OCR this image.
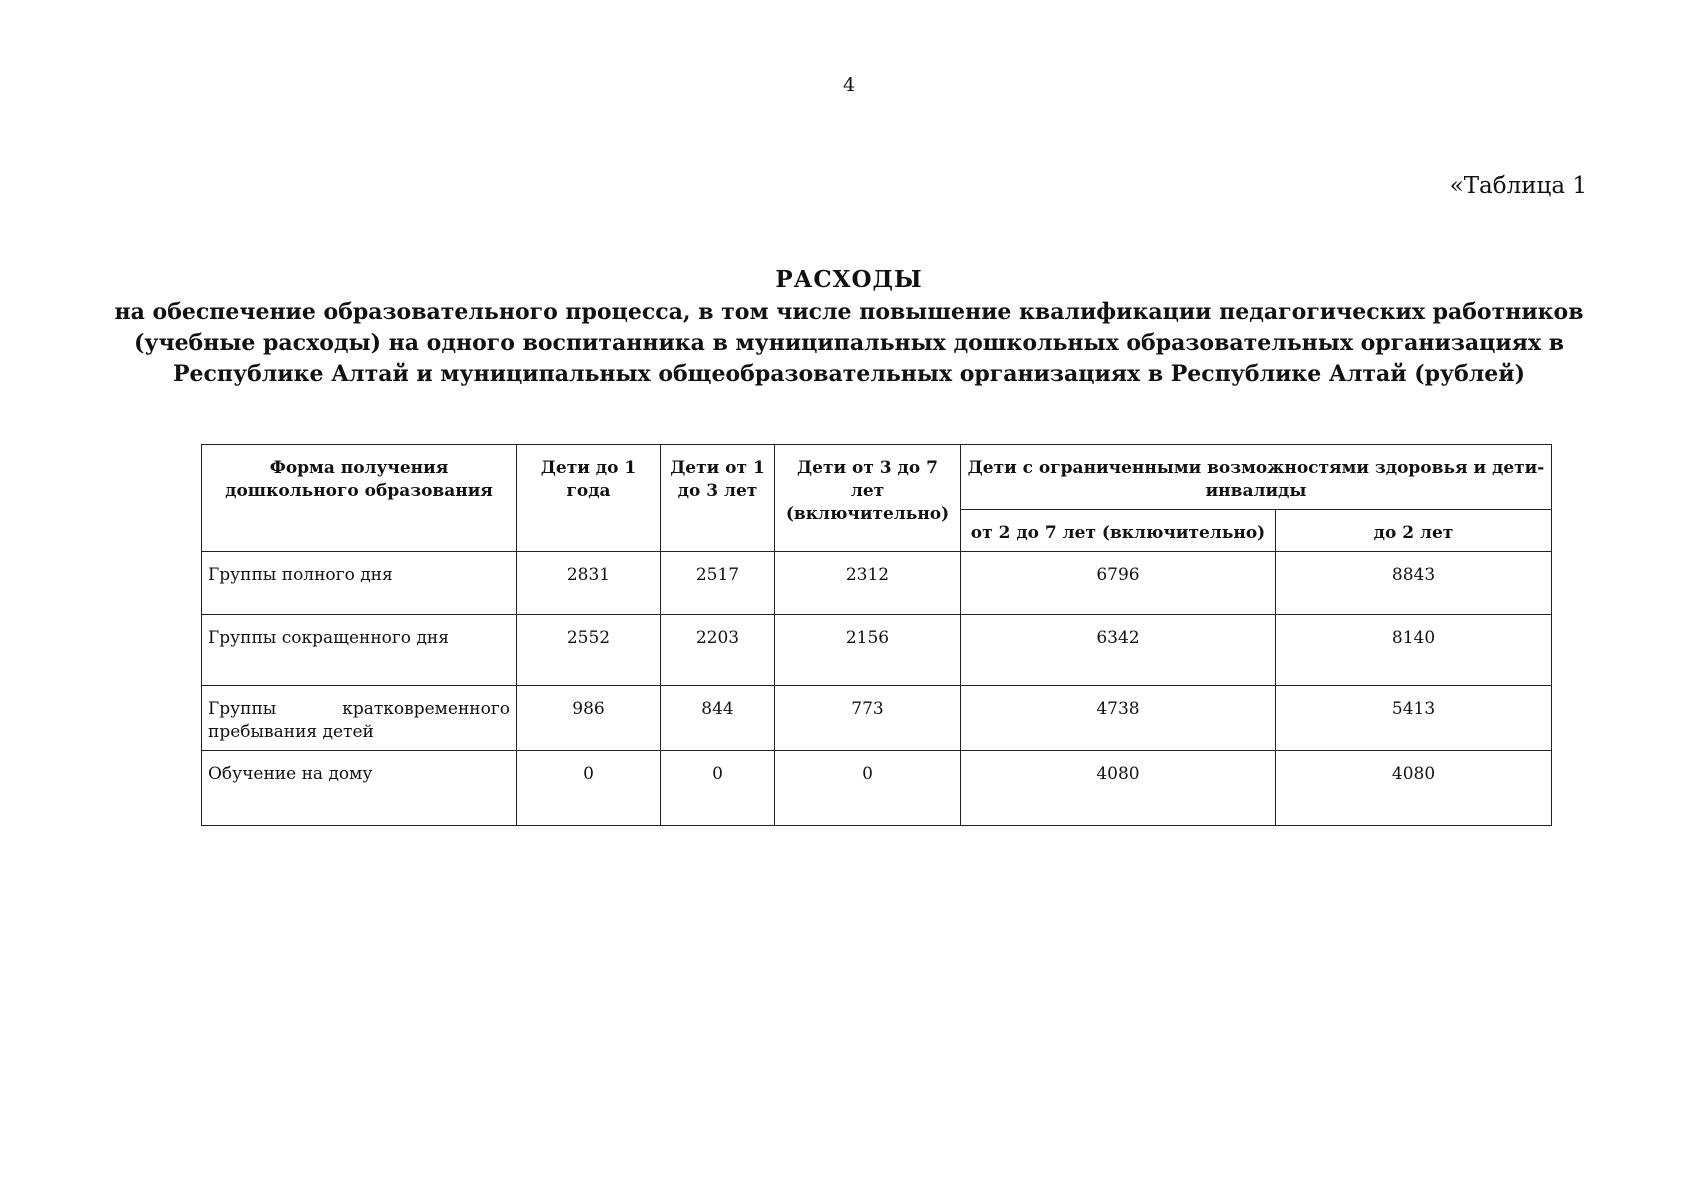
4
«Таблица 1
РАСХОДЫ
на обеспечение образовательного процесса, в том числе повышение квалификации педагогических работников (учебные расходы) на одного воспитанника в муниципальных дошкольных образовательных организациях в Республике Алтай и муниципальных общеобразовательных организациях в Республике Алтай (рублей)
Форма получения дошкольного образования	Дети до 1 года	Дети от 1 до 3 лет	Дети от 3 до 7 лет (включительно)	Дети с ограниченными возможностями здоровья и дети-инвалиды	
				от 2 до 7 лет (включительно)	до 2 лет
Группы полного дня	2831	2517	2312	6796	8843
Группы сокращенного дня	2552	2203	2156	6342	8140
Группы кратковременного пребывания детей	986	844	773	4738	5413
Обучение на дому	0	0	0	4080	4080
